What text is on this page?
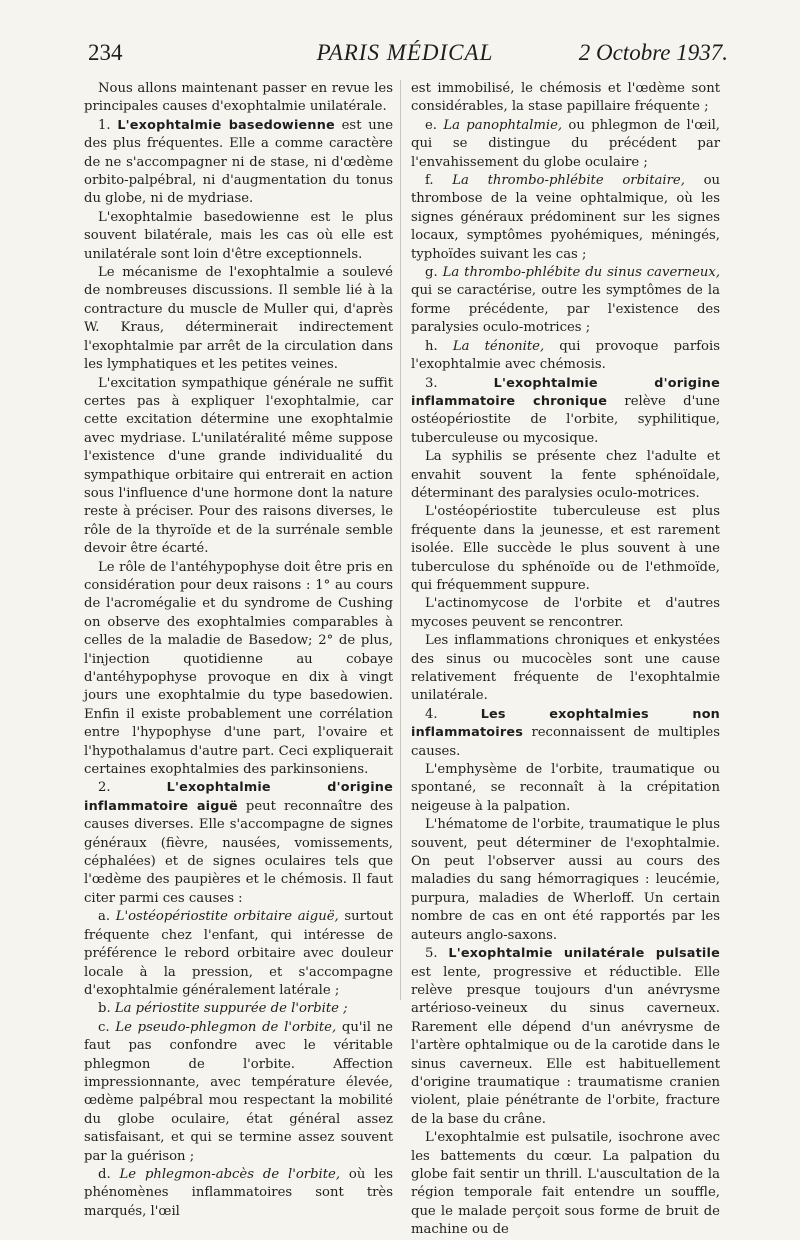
234	PARIS MÉDICAL	2 Octobre 1937.

Nous allons maintenant passer en revue les principales causes d'exophtalmie unilatérale.

1. L'exophtalmie basedowienne est une des plus fréquentes. Elle a comme caractère de ne s'accompagner ni de stase, ni d'œdème orbito-palpébral, ni d'augmentation du tonus du globe, ni de mydriase.

L'exophtalmie basedowienne est le plus souvent bilatérale, mais les cas où elle est unilatérale sont loin d'être exceptionnels.

Le mécanisme de l'exophtalmie a soulevé de nombreuses discussions. Il semble lié à la contracture du muscle de Muller qui, d'après W. Kraus, déterminerait indirectement l'exophtalmie par arrêt de la circulation dans les lymphatiques et les petites veines.

L'excitation sympathique générale ne suffit certes pas à expliquer l'exophtalmie, car cette excitation détermine une exophtalmie avec mydriase. L'unilatéralité même suppose l'existence d'une grande individualité du sympathique orbitaire qui entrerait en action sous l'influence d'une hormone dont la nature reste à préciser. Pour des raisons diverses, le rôle de la thyroïde et de la surrénale semble devoir être écarté.

Le rôle de l'antéhypophyse doit être pris en considération pour deux raisons : 1° au cours de l'acromégalie et du syndrome de Cushing on observe des exophtalmies comparables à celles de la maladie de Basedow; 2° de plus, l'injection quotidienne au cobaye d'antéhypophyse provoque en dix à vingt jours une exophtalmie du type basedowien. Enfin il existe probablement une corrélation entre l'hypophyse d'une part, l'ovaire et l'hypothalamus d'autre part. Ceci expliquerait certaines exophtalmies des parkinsoniens.

2.	L'exophtalmie d'origine inflammatoire aiguë peut reconnaître des causes diverses. Elle s'accompagne de signes généraux (fièvre, nausées, vomissements, céphalées) et de signes oculaires tels que l'œdème des paupières et le chémosis. Il faut citer parmi ces causes :

a. L'ostéopériostite orbitaire aiguë, surtout fréquente chez l'enfant, qui intéresse de préférence le rebord orbitaire avec douleur locale à la pression, et s'accompagne d'exophtalmie généralement latérale ;

b. La périostite suppurée de l'orbite ;

c. Le pseudo-phlegmon de l'orbite, qu'il ne faut pas confondre avec le véritable phlegmon de l'orbite. Affection impressionnante, avec température élevée, œdème palpébral mou respectant la mobilité du globe oculaire, état général assez satisfaisant, et qui se termine assez souvent par la guérison ;

d. Le phlegmon-abcès de l'orbite, où les phénomènes inflammatoires sont très marqués, l'œil

est immobilisé, le chémosis et l'œdème sont considérables, la stase papillaire fréquente ;

e. La panophtalmie, ou phlegmon de l'œil, qui se distingue du précédent par l'envahissement du globe oculaire ;

f. La thrombo-phlébite orbitaire, ou thrombose de la veine ophtalmique, où les signes généraux prédominent sur les signes locaux, symptômes pyohémiques, méningés, typhoïdes suivant les cas ;

g. La thrombo-phlébite du sinus caverneux, qui se caractérise, outre les symptômes de la forme précédente, par l'existence des paralysies oculo-motrices ;

h. La ténonite, qui provoque parfois l'exophtalmie avec chémosis.

3.	L'exophtalmie d'origine inflammatoire chronique relève d'une ostéopériostite de l'orbite, syphilitique, tuberculeuse ou mycosique.

La syphilis se présente chez l'adulte et envahit souvent la fente sphénoïdale, déterminant des paralysies oculo-motrices.

L'ostéopériostite tuberculeuse est plus fréquente dans la jeunesse, et est rarement isolée. Elle succède le plus souvent à une tuberculose du sphénoïde ou de l'ethmoïde, qui fréquemment suppure.

L'actinomycose de l'orbite et d'autres mycoses peuvent se rencontrer.

Les inflammations chroniques et enkystées des sinus ou mucocèles sont une cause relativement fréquente de l'exophtalmie unilatérale.

4.	Les exophtalmies non inflammatoires reconnaissent de multiples causes.

L'emphysème de l'orbite, traumatique ou spontané, se reconnaît à la crépitation neigeuse à la palpation.

L'hématome de l'orbite, traumatique le plus souvent, peut déterminer de l'exophtalmie. On peut l'observer aussi au cours des maladies du sang hémorragiques : leucémie, purpura, maladies de Wherloff. Un certain nombre de cas en ont été rapportés par les auteurs anglo-saxons.

5. L'exophtalmie unilatérale pulsatile est lente, progressive et réductible. Elle relève presque toujours d'un anévrysme artérioso-veineux du sinus caverneux. Rarement elle dépend d'un anévrysme de l'artère ophtalmique ou de la carotide dans le sinus caverneux. Elle est habituellement d'origine traumatique : traumatisme cranien violent, plaie pénétrante de l'orbite, fracture de la base du crâne.

L'exophtalmie est pulsatile, isochrone avec les battements du cœur. La palpation du globe fait sentir un thrill. L'auscultation de la région temporale fait entendre un souffle, que le malade perçoit sous forme de bruit de machine ou de
